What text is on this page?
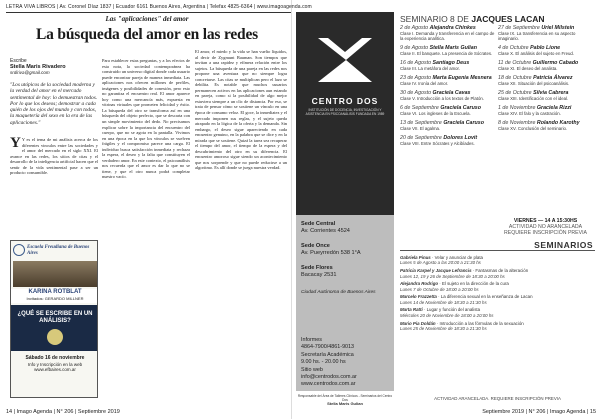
LETRA VIVA LIBROS | Av. Coronel Díaz 1837 | Ecuador 6161 Buenos Aires, Argentina | Telefax 4825-6364 | www.imagoagenda.com
Las "aplicaciones" del amor
La búsqueda del amor en las redes
Escribe
Stella Maris Rivadero
srdiriva@gmail.com
"Los utópicos de la sociedad moderna y la verdad del amor en el mercado sentimental de hoy: lo demuestran todos. Por lo que los deseos; demostrar a cada quién de los ojos del mundo y con todos, la maquetería del sexo en la era de las aplicaciones."
Y Y es el tema de mi análisis acerca de los diferentes vinculos entre las sociedades y el amor del mercado en el siglo XXI. El avance en las redes, los sitios de citas y el desarrollo de la inteligencia artificial hacen que el sentir de la vida sentimental pase a ser un producto consumible.
Para establecer estas preguntas, y a los efectos de esta nota, la sociedad contemporánea ha construido un universo digital donde cada usuario puede encontrar pareja de manera inmediata. Las aplicaciones nos ofrecen millones de perfiles, imágenes y posibilidades de conexión, pero esto no garantiza el encuentro real. El amor aparece hoy como una mercancía más, expuesta en vitrinas virtuales que prometen felicidad y éxito. La búsqueda del otro se transforma así en una búsqueda del objeto perfecto, que se descarta con un simple movimiento del dedo. No precisamos explicar sobre la importancia del encuentro del cuerpo, que no se agota en la pantalla. Vivimos en una época en la que los vínculos se vuelven frágiles y el compromiso parece una carga. El individuo busca satisfacción inmediata y rechaza la espera, el deseo y la falta que constituyen el verdadero amor. En este contexto, el psicoanálisis nos recuerda que el amor es dar lo que no se tiene, y que el otro nunca podrá completar nuestro vacío.
El amor, el miedo y la vida se han vuelto líquidos, al decir de Zygmunt Bauman. Son tiempos que invitan a una rapidez y efímera relación entre los sujetos. La búsqueda de una pareja en las redes nos propone una aventura que no siempre logra concretarse. Las citas se multiplican pero el lazo se debilita. Es notable que muchos usuarios permanecen activos en las aplicaciones aun estando en pareja, como si la posibilidad de algo mejor estuviera siempre a un clic de distancia. Por eso, se trata de pensar cómo se sostiene un vínculo en una época de consumo veloz. El goce, la inmediatez y el mercado imponen sus reglas, y el sujeto queda atrapado en la lógica de la oferta y la demanda. Sin embargo, el deseo sigue apareciendo en cada encuentro genuino, en la palabra que se dice y en la mirada que se sostiene. Quizá la tarea sea recuperar el tiempo del amor, el tiempo de la espera y del descubrimiento del otro en su diferencia. El encuentro amoroso sigue siendo un acontecimiento que nos sorprende y que no puede reducirse a un algoritmo. Es allí donde se juega nuestra verdad.
Escuela Freudiana de Buenos Aires
KARINA ROTBLAT
Invitados: GERARDO MILLNER
¿QUÉ SE ESCRIBE EN UN ANÁLISIS?
Sábado 16 de noviembre
Info y Inscripción en la web
www.efbaires.com.ar
14 | Imago Agenda | N° 206 | Septiembre 2019
CENTRO DOS
INSTITUCIÓN DE DOCENCIA, INVESTIGACIÓN Y ASISTENCIA EN PSICOANÁLISIS FUNDADA EN 1989
Sede Central
Av. Corrientes 4524
Sede Once
Av. Pueyrredón 538 1°A
Sede Flores
Bacacay 2531
Ciudad Autónoma de Buenos Aires
Informes
4864-7900/4861-9013
Secretaría Académica
9.00 hs. - 20.00 hs
Sitio web
info@centrodos.com.ar
www.centrodos.com.ar
Responsable del Área de Talleres Clínicos - Seminarios del Centro Dos
Stella Maris Gulian
SEMINARIO 8 DE JACQUES LACAN
2 de Agosto Alejandra Chinkes
Clase I. Demanda y transferencia en el campo de la experiencia analítica.
9 de Agosto Stella Maris Gulian
Clase II. El banquete. La presencia de Sócrates.
16 de Agosto Santiago Deus
Clase III. La metáfora del amor.
23 de Agosto Marta Eugenia Mesnera
Clase IV. Ironía del amor.
30 de Agosto Graciela Cavas
Clase V. Introducción a los textos de Platón.
6 de Septiembre Graciela Caruso
Clase VI. Los ingleses de la Escuela.
13 de Septiembre Graciela Caruso
Clase VII. El agalma.
20 de Septiembre Dolores Lovit
Clase VIII. Entre Sócrates y Alcibíades.
27 de Septiembre Uriel Milstein
Clase IX. La transferencia en su aspecto imaginario.
4 de Octubre Pablo Lione
Clase X. El análisis del sujeto en Freud.
11 de Octubre Guillermo Cabado
Clase XI. El deseo del analista.
18 de Octubre Patricia Álvarez
Clase XII. Situación del psicoanálisis.
25 de Octubre Silvia Cabrera
Clase XIII. Identificación con el ideal.
1 de Noviembre Graciela Rizzi
Clase XIV. El falo y la castración.
8 de Noviembre Rolando Karothy
Clase XV. Conclusión del seminario.
VIERNES — 14 A 15:30HS
ACTIVIDAD NO ARANCELADA REQUIERE INSCRIPCIÓN PREVIA
SEMINARIOS
Gabriela Pinus · Velar y anunciar de plata
Lunes 5 de Agosto a las 20:00 a 21:30 hs
Patricia Karpel y Jacque Lefrancis · Fantasmas de la alteración
Lunes 12, 19 y 26 de Septiembre de 18:30 a 20:00 hs
Alejandra Rodrigo · El sujeto en la dirección de la cura
Lunes 7 de Octubre de 18:00 a 20:00 hs
Marcelo Frazzetta · La diferencia sexual en la enseñanza de Lacan
Lunes 14 de Noviembre de 18:30 a 21:30 hs
Marta Ratti · Lugar y función del analista
Miércoles 20 de Noviembre de 18:00 a 20:00 hs
Mario Pia Doldán · Introducción a las fórmulas de la sexuación
Lunes 25 de Noviembre de 18:30 a 21:30 hs
ACTIVIDAD ARANCELADA. REQUIERE INSCRIPCIÓN PREVIA
Septiembre 2019 | N° 206 | Imago Agenda | 15
